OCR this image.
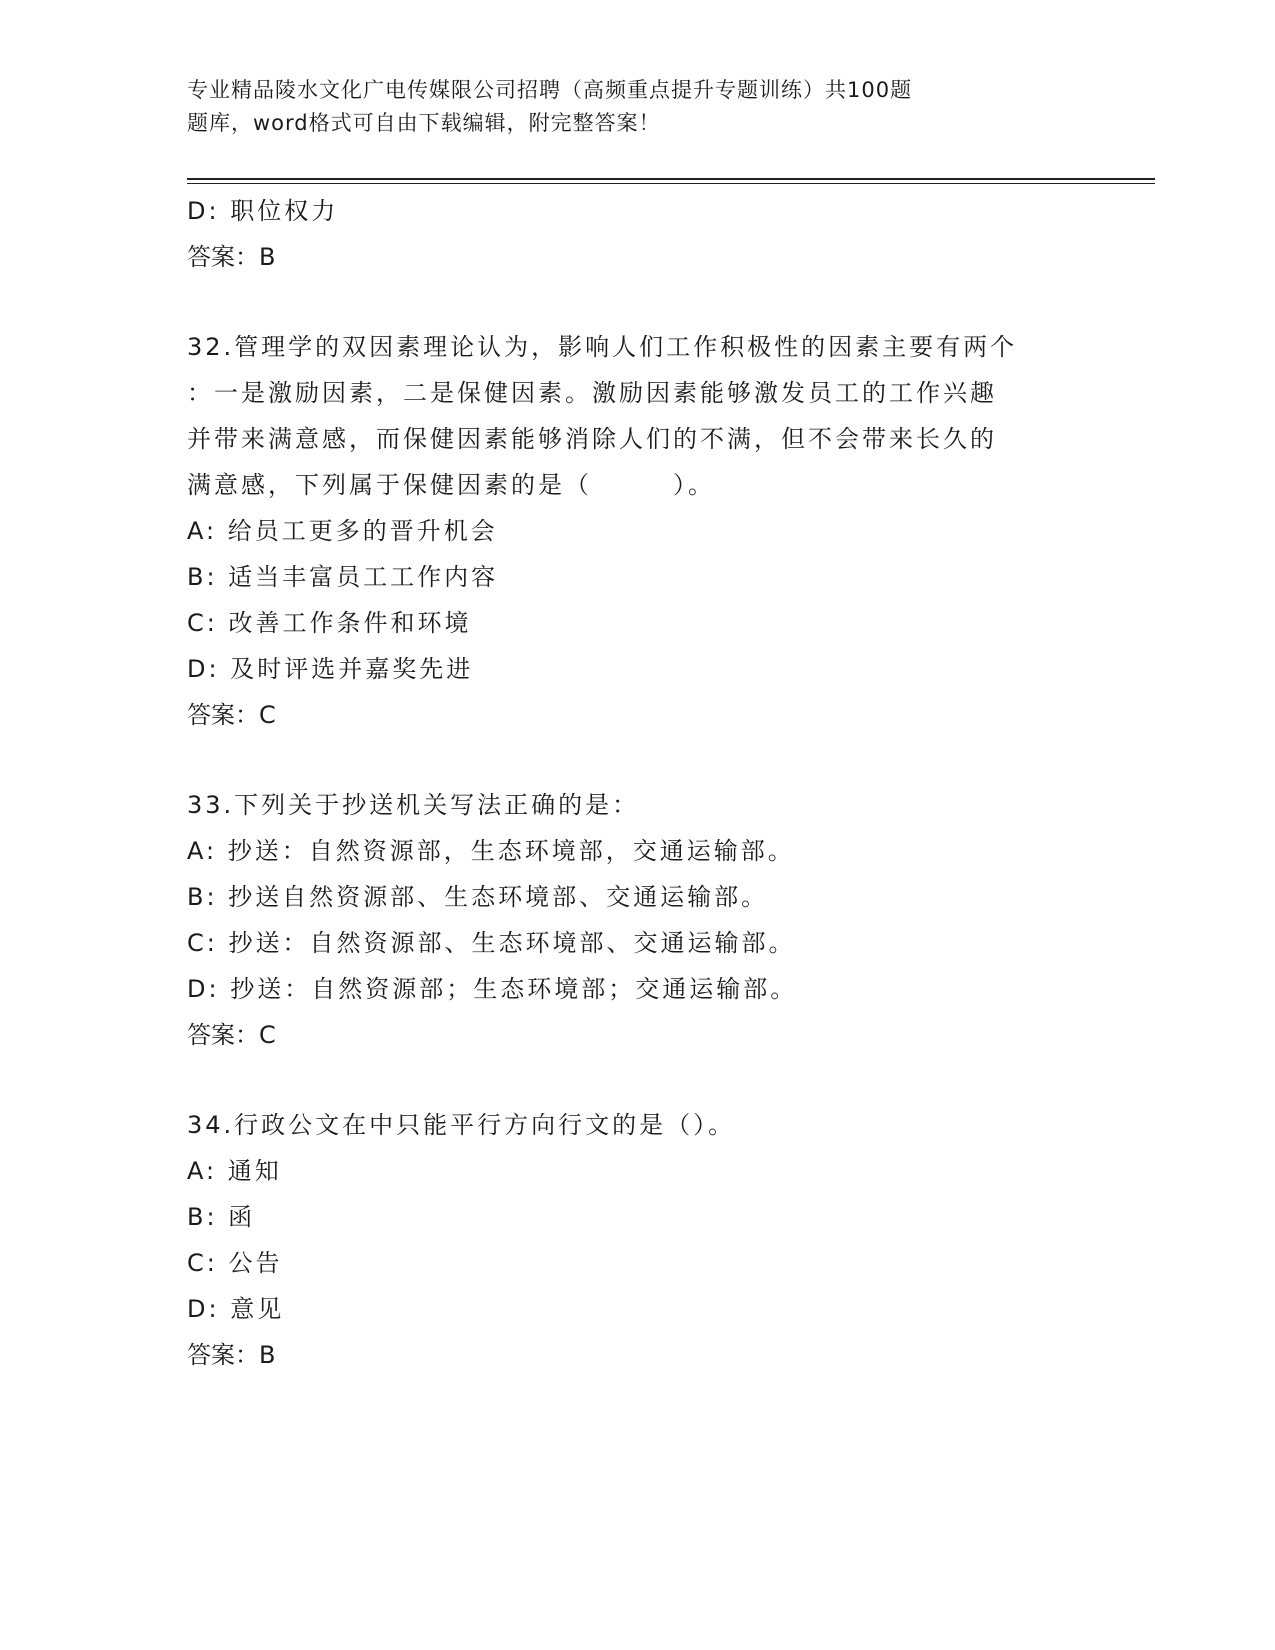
专业精品陵水文化广电传媒限公司招聘（高频重点提升专题训练）共100题
题库，word格式可自由下载编辑，附完整答案！
D: 职位权力
答案：B
32.管理学的双因素理论认为，影响人们工作积极性的因素主要有两个
：一是激励因素，二是保健因素。激励因素能够激发员工的工作兴趣
并带来满意感，而保健因素能够消除人们的不满，但不会带来长久的
满意感，下列属于保健因素的是（　　　）。
A: 给员工更多的晋升机会
B: 适当丰富员工工作内容
C: 改善工作条件和环境
D: 及时评选并嘉奖先进
答案：C
33.下列关于抄送机关写法正确的是：
A: 抄送：自然资源部，生态环境部，交通运输部。
B: 抄送自然资源部、生态环境部、交通运输部。
C: 抄送：自然资源部、生态环境部、交通运输部。
D: 抄送：自然资源部；生态环境部；交通运输部。
答案：C
34.行政公文在中只能平行方向行文的是（）。
A: 通知
B: 函
C: 公告
D: 意见
答案：B
